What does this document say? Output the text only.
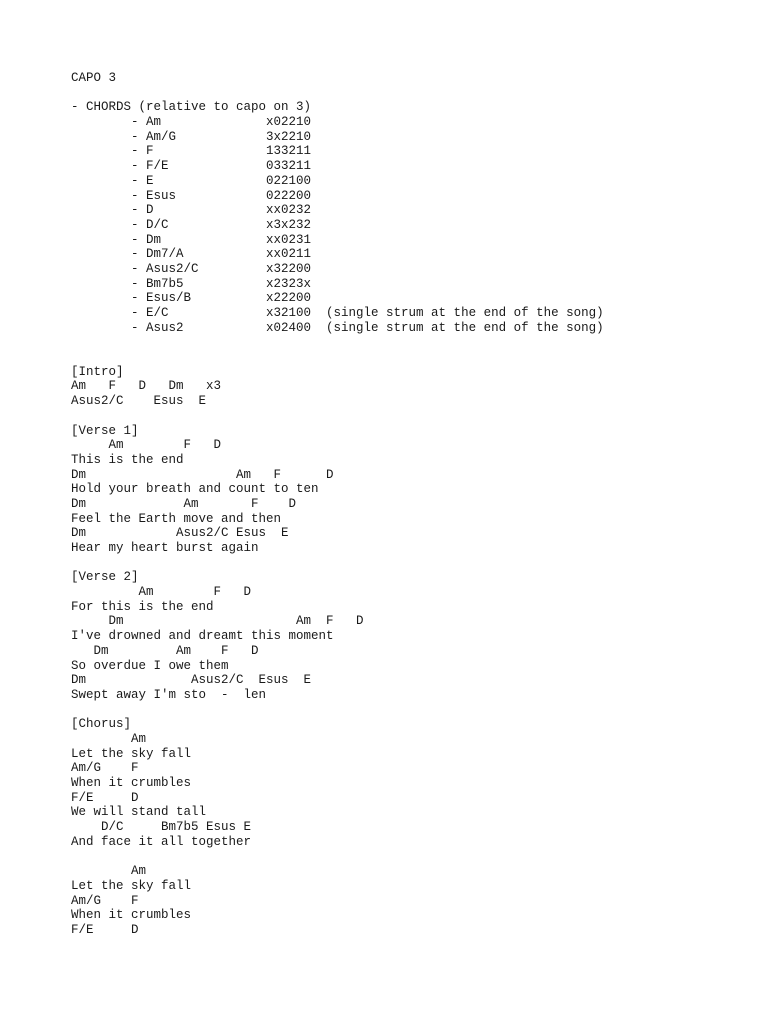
CAPO 3
- CHORDS (relative to capo on 3)
- Am              x02210
- Am/G            3x2210
- F               133211
- F/E             033211
- E               022100
- Esus            022200
- D               xx0232
- D/C             x3x232
- Dm              xx0231
- Dm7/A           xx0211
- Asus2/C         x32200
- Bm7b5           x2323x
- Esus/B          x22200
- E/C             x32100  (single strum at the end of the song)
- Asus2           x02400  (single strum at the end of the song)
[Intro]
Am   F   D   Dm   x3
Asus2/C    Esus  E
[Verse 1]
Am        F   D
This is the end
Dm                    Am   F      D
Hold your breath and count to ten
Dm             Am       F    D
Feel the Earth move and then
Dm            Asus2/C Esus  E
Hear my heart burst again
[Verse 2]
Am        F   D
For this is the end
Dm                       Am  F   D
I've drowned and dreamt this moment
Dm         Am    F   D
So overdue I owe them
Dm              Asus2/C  Esus  E
Swept away I'm sto  -  len
[Chorus]
Am
Let the sky fall
Am/G    F
When it crumbles
F/E     D
We will stand tall
D/C     Bm7b5 Esus E
And face it all together
Am
Let the sky fall
Am/G    F
When it crumbles
F/E     D
